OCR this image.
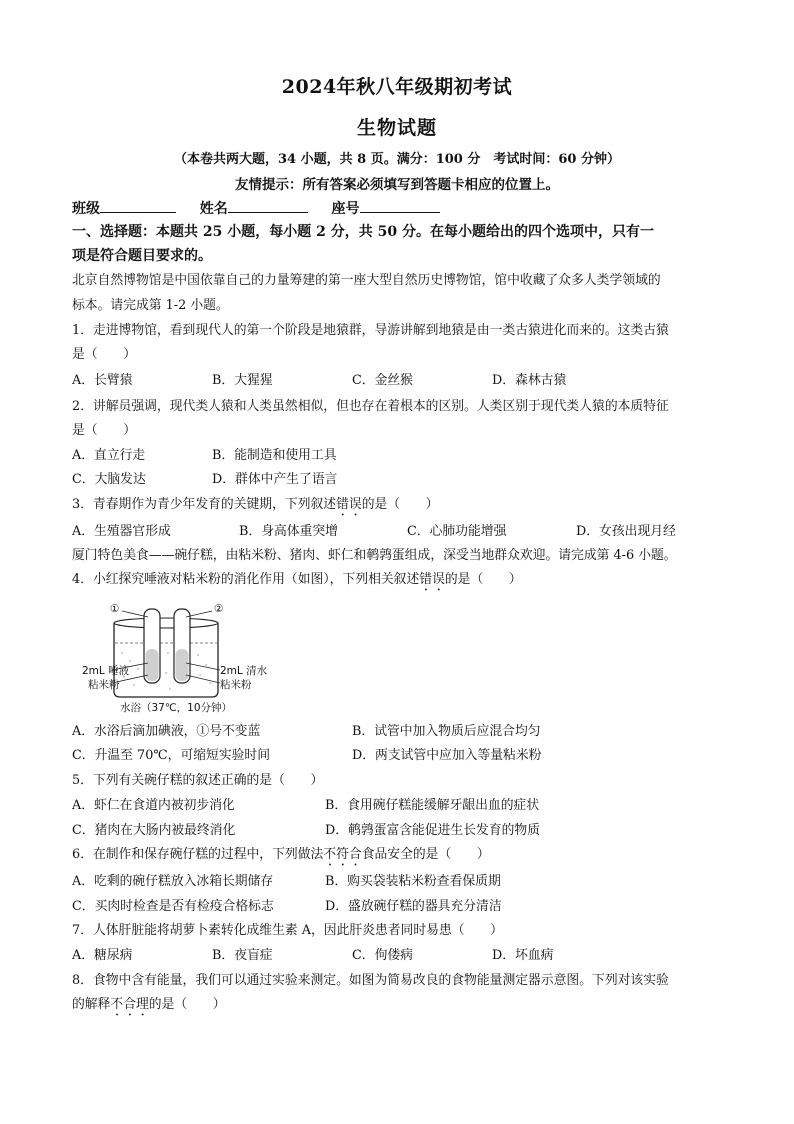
2024年秋八年级期初考试
生物试题
（本卷共两大题，34 小题，共 8 页。满分：100 分　考试时间：60 分钟）
友情提示：所有答案必须填写到答题卡相应的位置上。
班级	姓名	座号
一、选择题：本题共 25 小题，每小题 2 分，共 50 分。在每小题给出的四个选项中，只有一
项是符合题目要求的。
北京自然博物馆是中国依靠自己的力量筹建的第一座大型自然历史博物馆，馆中收藏了众多人类学领域的
标本。请完成第 1-2 小题。
1．走进博物馆，看到现代人的第一个阶段是地猿群，导游讲解到地猿是由一类古猿进化而来的。这类古猿
是（　　）
A．长臂猿	B．大猩猩	C．金丝猴	D．森林古猿
2．讲解员强调，现代类人猿和人类虽然相似，但也存在着根本的区别。人类区别于现代类人猿的本质特征
是（　　）
A．直立行走	B．能制造和使用工具
C．大脑发达	D．群体中产生了语言
3．青春期作为青少年发育的关键期，下列叙述错误的是（　　）
A．生殖器官形成	B．身高体重突增	C．心肺功能增强	D．女孩出现月经
厦门特色美食——碗仔糕，由粘米粉、猪肉、虾仁和鹌鹑蛋组成，深受当地群众欢迎。请完成第 4-6 小题。
4．小红探究唾液对粘米粉的消化作用（如图），下列相关叙述错误的是（　　）
①	②
2mL 唾液
粘米粉
2mL 清水
粘米粉
水浴（37℃，10分钟）
A．水浴后滴加碘液，①号不变蓝	B．试管中加入物质后应混合均匀
C．升温至 70℃，可缩短实验时间	D．两支试管中应加入等量粘米粉
5．下列有关碗仔糕的叙述正确的是（　　）
A．虾仁在食道内被初步消化	B．食用碗仔糕能缓解牙龈出血的症状
C．猪肉在大肠内被最终消化	D．鹌鹑蛋富含能促进生长发育的物质
6．在制作和保存碗仔糕的过程中，下列做法不符合食品安全的是（　　）
A．吃剩的碗仔糕放入冰箱长期储存	B．购买袋装粘米粉查看保质期
C．买肉时检查是否有检疫合格标志	D．盛放碗仔糕的器具充分清洁
7．人体肝脏能将胡萝卜素转化成维生素 A，因此肝炎患者同时易患（　　）
A．糖尿病	B．夜盲症	C．佝偻病	D．坏血病
8．食物中含有能量，我们可以通过实验来测定。如图为简易改良的食物能量测定器示意图。下列对该实验
的解释不合理的是（　　）
